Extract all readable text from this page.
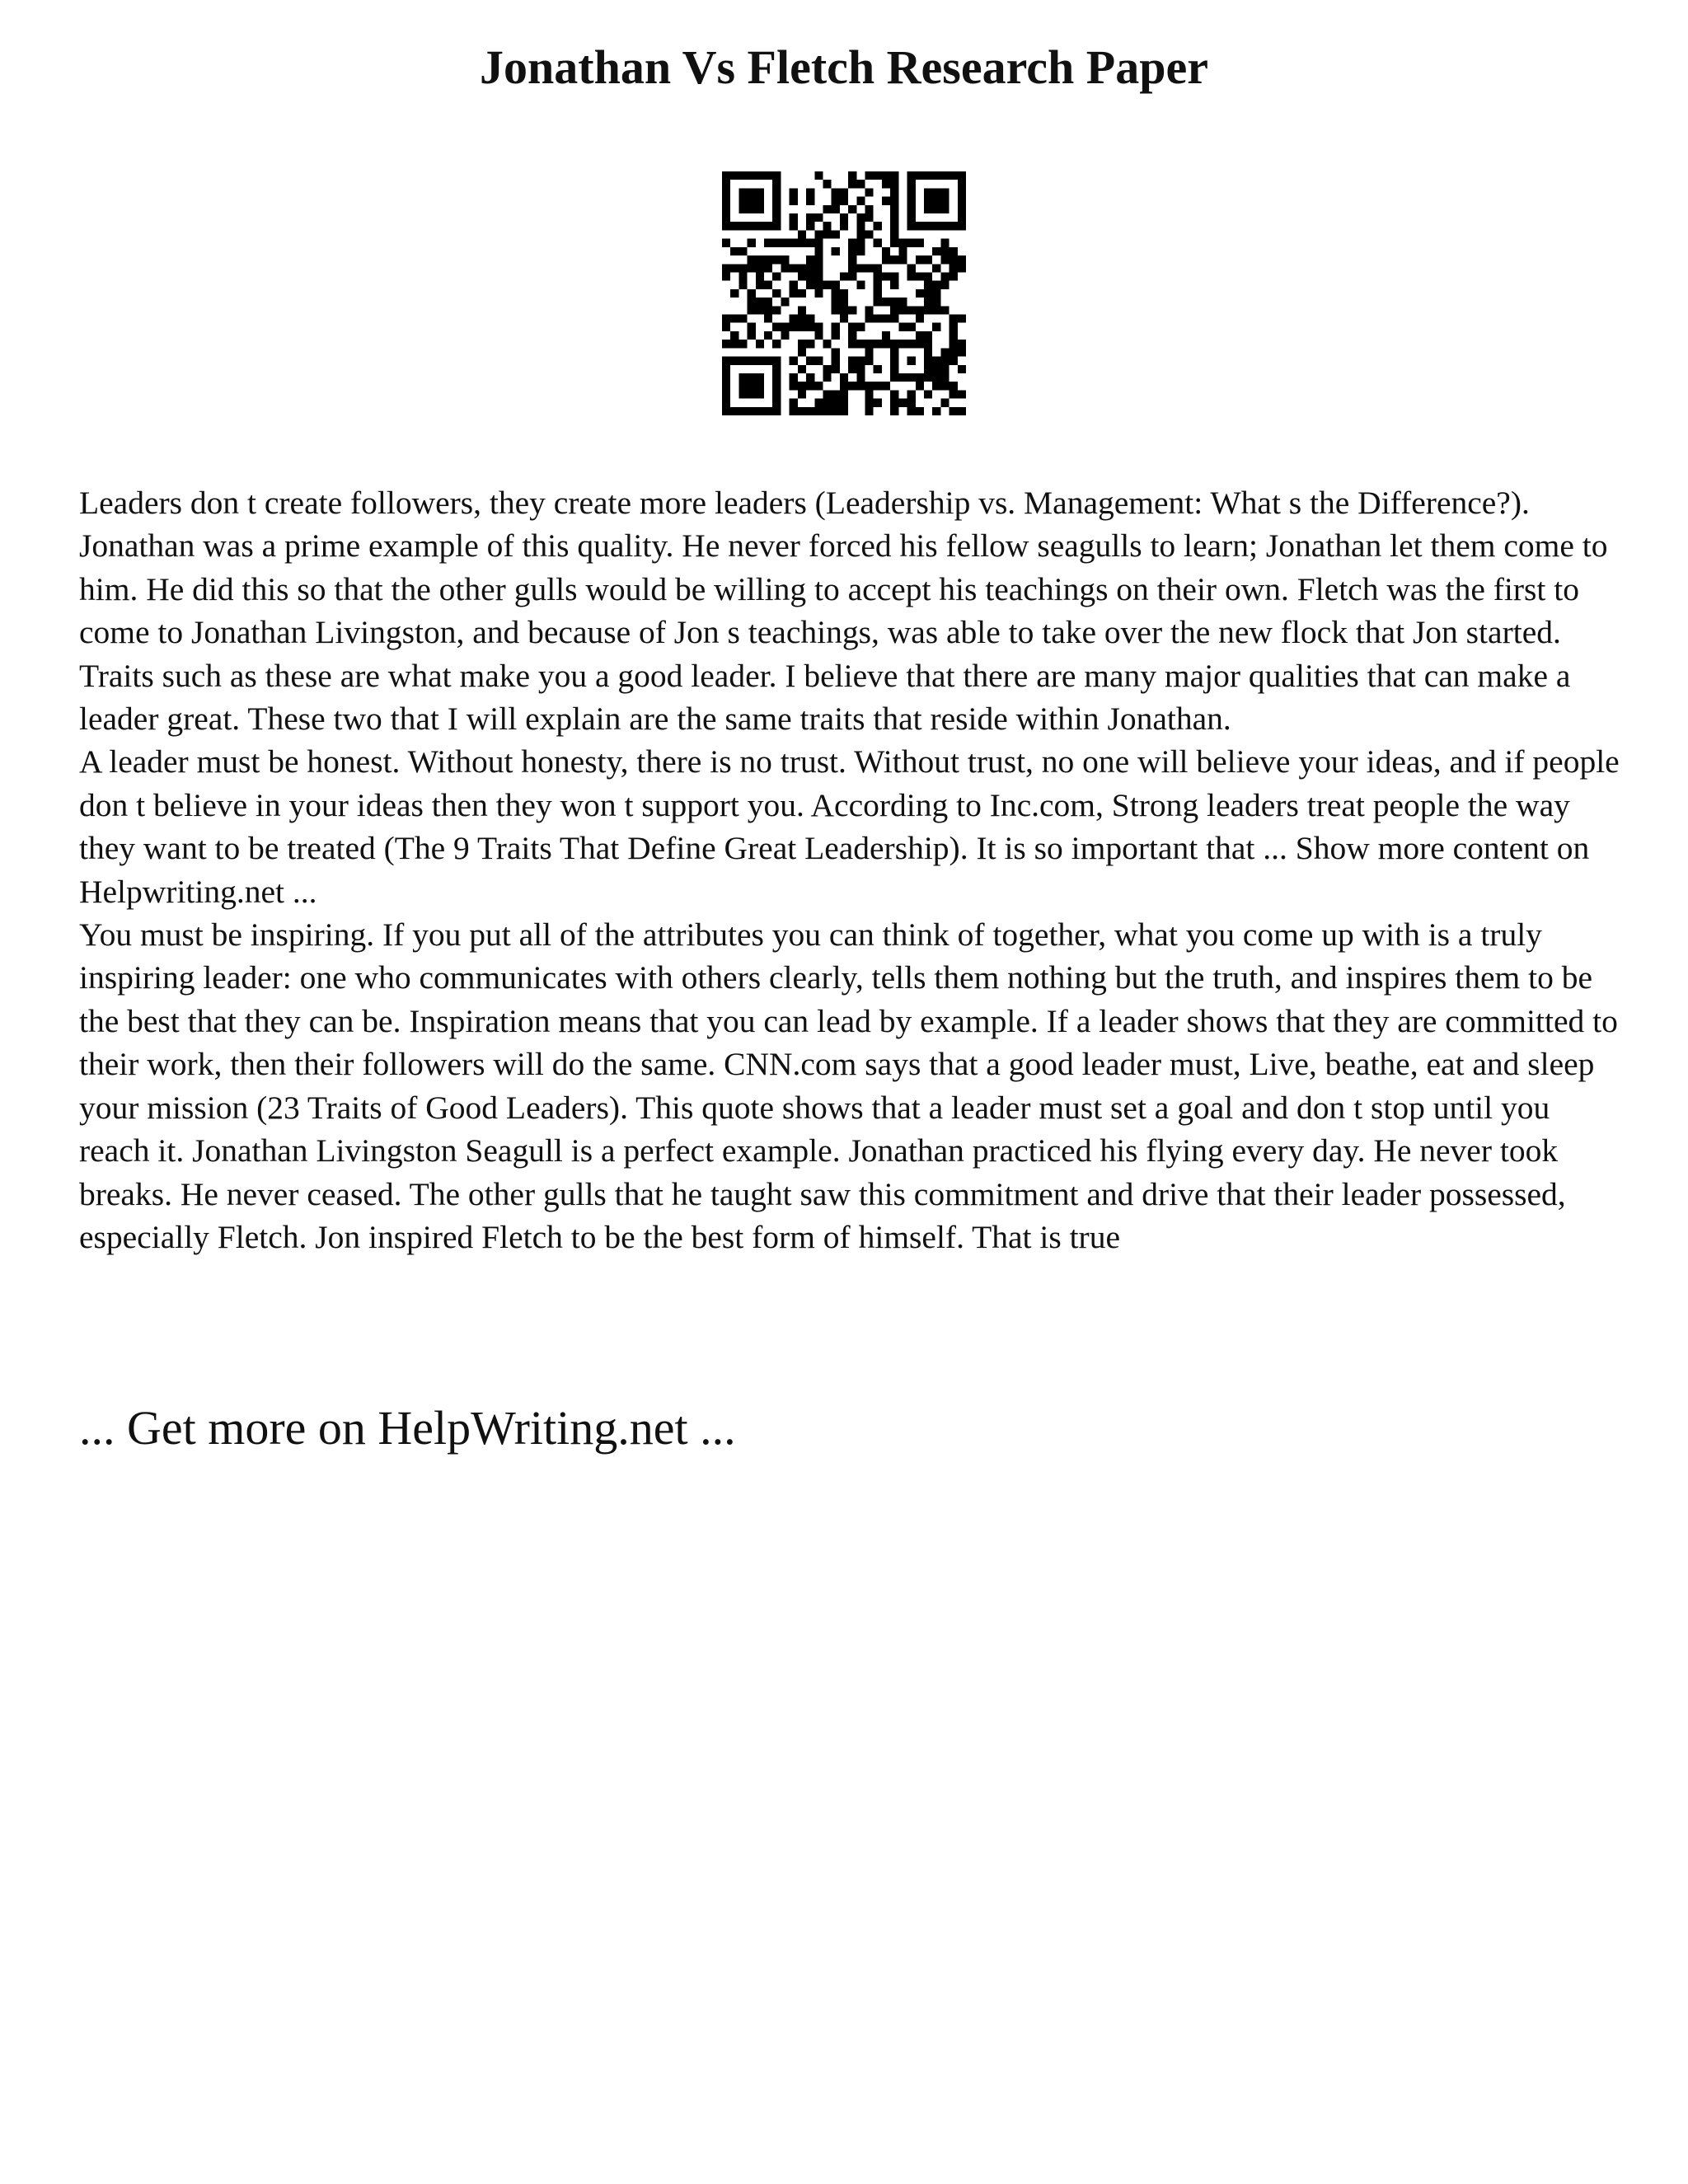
Jonathan Vs Fletch Research Paper

Leaders don t create followers, they create more leaders (Leadership vs. Management: What s the Difference?). Jonathan was a prime example of this quality. He never forced his fellow seagulls to learn; Jonathan let them come to him. He did this so that the other gulls would be willing to accept his teachings on their own. Fletch was the first to come to Jonathan Livingston, and because of Jon s teachings, was able to take over the new flock that Jon started. Traits such as these are what make you a good leader. I believe that there are many major qualities that can make a leader great. These two that I will explain are the same traits that reside within Jonathan.

A leader must be honest. Without honesty, there is no trust. Without trust, no one will believe your ideas, and if people don t believe in your ideas then they won t support you. According to Inc.com, Strong leaders treat people the way they want to be treated (The 9 Traits That Define Great Leadership). It is so important that ... Show more content on Helpwriting.net ...

You must be inspiring. If you put all of the attributes you can think of together, what you come up with is a truly inspiring leader: one who communicates with others clearly, tells them nothing but the truth, and inspires them to be the best that they can be. Inspiration means that you can lead by example. If a leader shows that they are committed to their work, then their followers will do the same. CNN.com says that a good leader must, Live, beathe, eat and sleep your mission (23 Traits of Good Leaders). This quote shows that a leader must set a goal and don t stop until you reach it. Jonathan Livingston Seagull is a perfect example. Jonathan practiced his flying every day. He never took breaks. He never ceased. The other gulls that he taught saw this commitment and drive that their leader possessed, especially Fletch. Jon inspired Fletch to be the best form of himself. That is true

... Get more on HelpWriting.net ...
